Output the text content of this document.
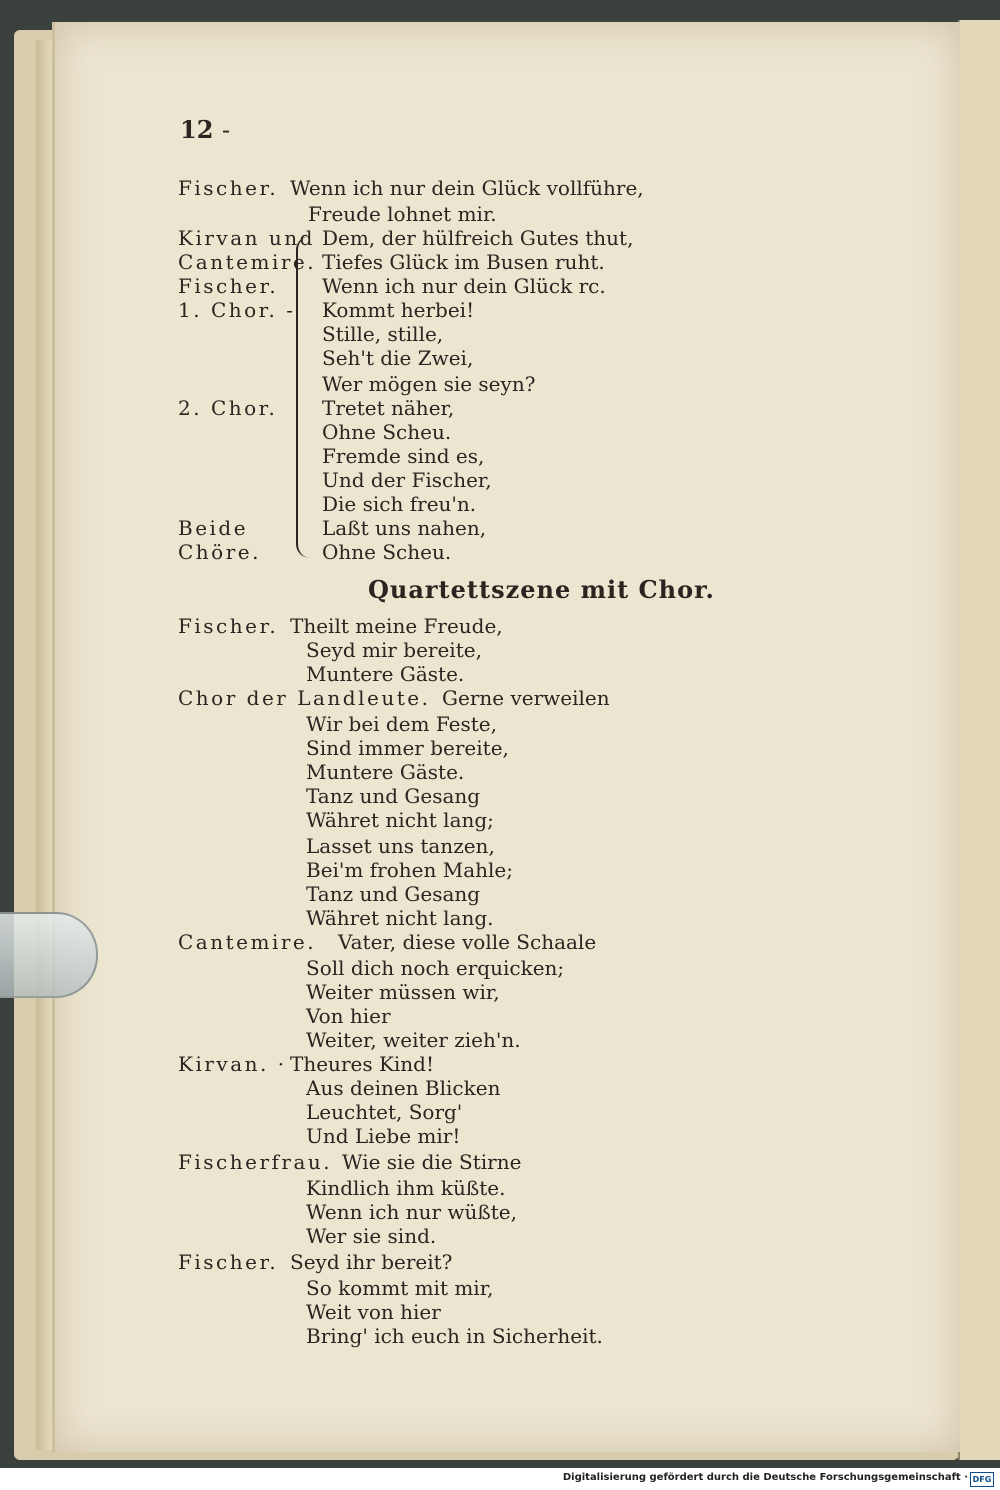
12 -
Fischer.
Kirvan und
Cantemire.
Fischer.
1. Chor. -
2. Chor.
Beide
Chöre.
Wenn ich nur dein Glück vollführe,
Freude lohnet mir.
Dem, der hülfreich Gutes thut,
Tiefes Glück im Busen ruht.
Wenn ich nur dein Glück rc.
Kommt herbei!
Stille, stille,
Seh't die Zwei,
Wer mögen sie seyn?
Tretet näher,
Ohne Scheu.
Fremde sind es,
Und der Fischer,
Die sich freu'n.
Laßt uns nahen,
Ohne Scheu.
Quartettszene mit Chor.
Fischer. Theilt meine Freude,
Seyd mir bereite,
Muntere Gäste.
Chor der Landleute. Gerne verweilen
Wir bei dem Feste,
Sind immer bereite,
Muntere Gäste.
Tanz und Gesang
Währet nicht lang;
Lasset uns tanzen,
Bei'm frohen Mahle;
Tanz und Gesang
Währet nicht lang.
Cantemire. Vater, diese volle Schaale
Soll dich noch erquicken;
Weiter müssen wir,
Von hier
Weiter, weiter zieh'n.
Kirvan. · Theures Kind!
Aus deinen Blicken
Leuchtet, Sorg'
Und Liebe mir!
Fischerfrau. Wie sie die Stirne
Kindlich ihm küßte.
Wenn ich nur wüßte,
Wer sie sind.
Fischer. Seyd ihr bereit?
So kommt mit mir,
Weit von hier
Bring' ich euch in Sicherheit.
Digitalisierung gefördert durch die Deutsche Forschungsgemeinschaft · DFG
